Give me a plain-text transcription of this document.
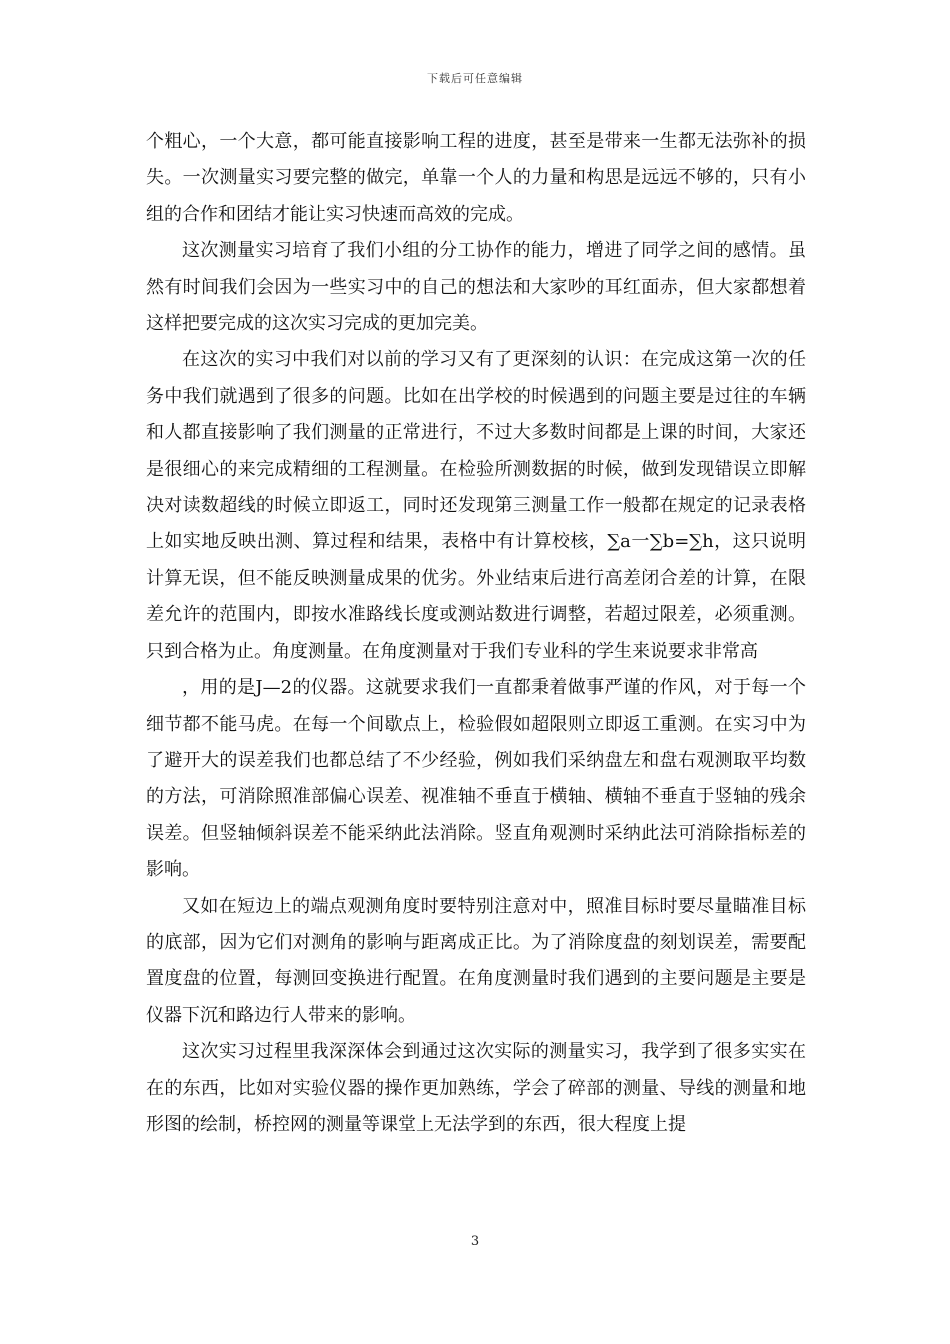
下载后可任意编辑

个粗心，一个大意，都可能直接影响工程的进度，甚至是带来一生都无法弥补的损失。一次测量实习要完整的做完，单靠一个人的力量和构思是远远不够的，只有小组的合作和团结才能让实习快速而高效的完成。

这次测量实习培育了我们小组的分工协作的能力，增进了同学之间的感情。虽然有时间我们会因为一些实习中的自己的想法和大家吵的耳红面赤，但大家都想着这样把要完成的这次实习完成的更加完美。

在这次的实习中我们对以前的学习又有了更深刻的认识：在完成这第一次的任务中我们就遇到了很多的问题。比如在出学校的时候遇到的问题主要是过往的车辆和人都直接影响了我们测量的正常进行，不过大多数时间都是上课的时间，大家还是很细心的来完成精细的工程测量。在检验所测数据的时候，做到发现错误立即解决对读数超线的时候立即返工，同时还发现第三测量工作一般都在规定的记录表格上如实地反映出测、算过程和结果，表格中有计算校核，∑a一∑b=∑h，这只说明计算无误，但不能反映测量成果的优劣。外业结束后进行高差闭合差的计算，在限差允许的范围内，即按水准路线长度或测站数进行调整，若超过限差，必须重测。只到合格为止。角度测量。在角度测量对于我们专业科的学生来说要求非常高

，用的是J—2的仪器。这就要求我们一直都秉着做事严谨的作风，对于每一个细节都不能马虎。在每一个间歇点上，检验假如超限则立即返工重测。在实习中为了避开大的误差我们也都总结了不少经验，例如我们采纳盘左和盘右观测取平均数的方法，可消除照准部偏心误差、视准轴不垂直于横轴、横轴不垂直于竖轴的残余误差。但竖轴倾斜误差不能采纳此法消除。竖直角观测时采纳此法可消除指标差的影响。

又如在短边上的端点观测角度时要特别注意对中，照准目标时要尽量瞄准目标的底部，因为它们对测角的影响与距离成正比。为了消除度盘的刻划误差，需要配置度盘的位置，每测回变换进行配置。在角度测量时我们遇到的主要问题是主要是仪器下沉和路边行人带来的影响。

这次实习过程里我深深体会到通过这次实际的测量实习，我学到了很多实实在在的东西，比如对实验仪器的操作更加熟练，学会了碎部的测量、导线的测量和地形图的绘制，桥控网的测量等课堂上无法学到的东西，很大程度上提

3
